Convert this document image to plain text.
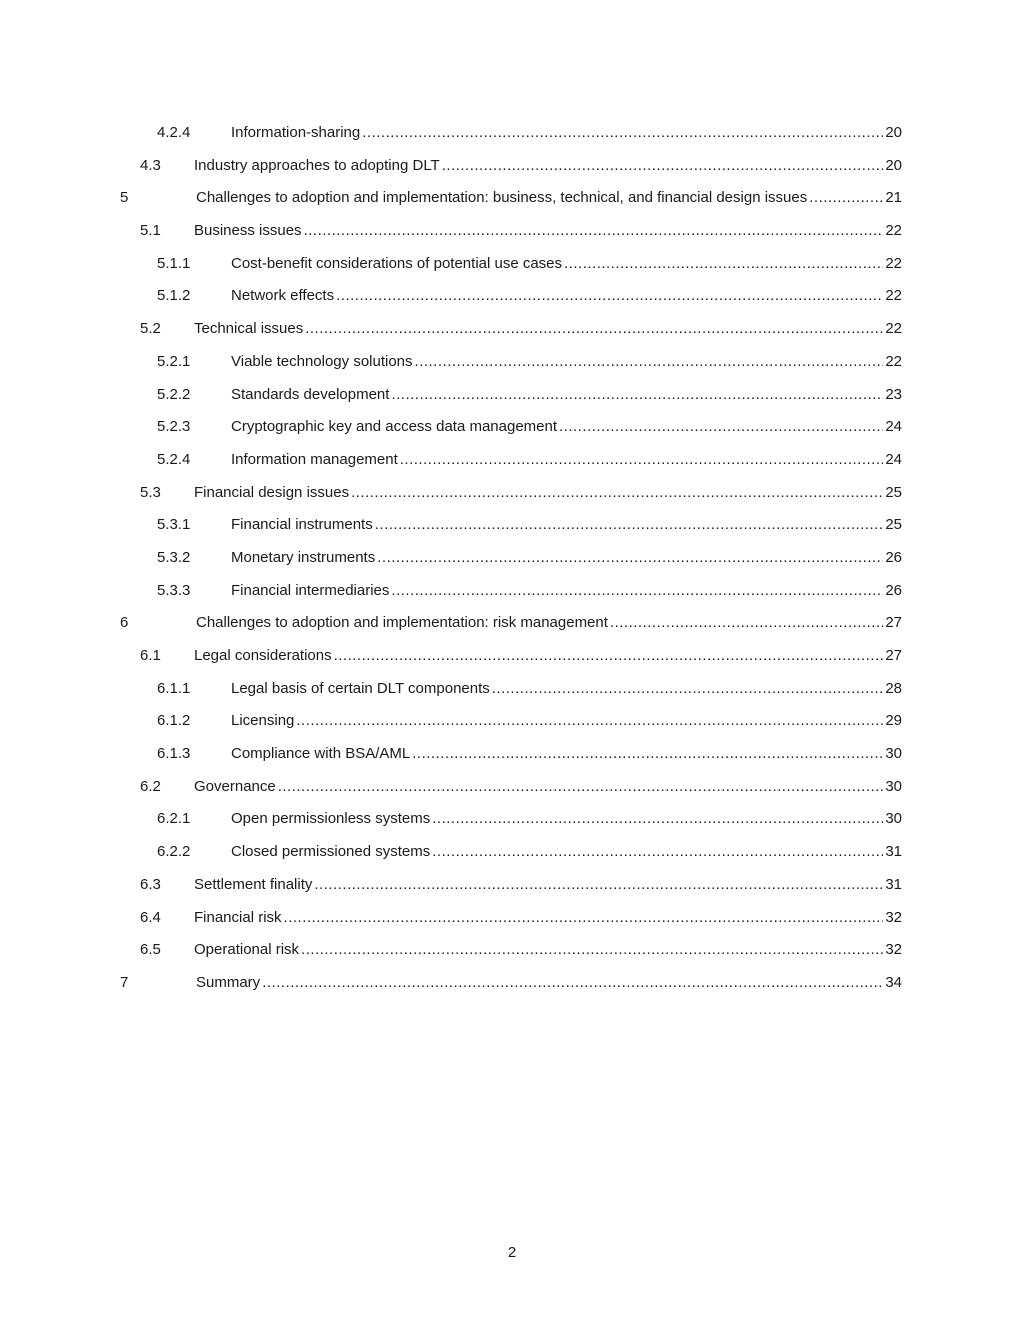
4.2.4	Information-sharing .....	20
4.3 Industry approaches to adopting DLT .....	20
5	Challenges to adoption and implementation: business, technical, and financial design issues .....	21
5.1 Business issues .....	22
5.1.1	Cost-benefit considerations of potential use cases .....	22
5.1.2	Network effects .....	22
5.2 Technical issues .....	22
5.2.1	Viable technology solutions .....	22
5.2.2	Standards development .....	23
5.2.3	Cryptographic key and access data management .....	24
5.2.4	Information management .....	24
5.3 Financial design issues .....	25
5.3.1	Financial instruments .....	25
5.3.2	Monetary instruments .....	26
5.3.3	Financial intermediaries .....	26
6	Challenges to adoption and implementation: risk management .....	27
6.1 Legal considerations .....	27
6.1.1	Legal basis of certain DLT components .....	28
6.1.2	Licensing .....	29
6.1.3	Compliance with BSA/AML .....	30
6.2 Governance .....	30
6.2.1	Open permissionless systems .....	30
6.2.2	Closed permissioned systems .....	31
6.3 Settlement finality .....	31
6.4 Financial risk .....	32
6.5 Operational risk .....	32
7	Summary .....	34
2
